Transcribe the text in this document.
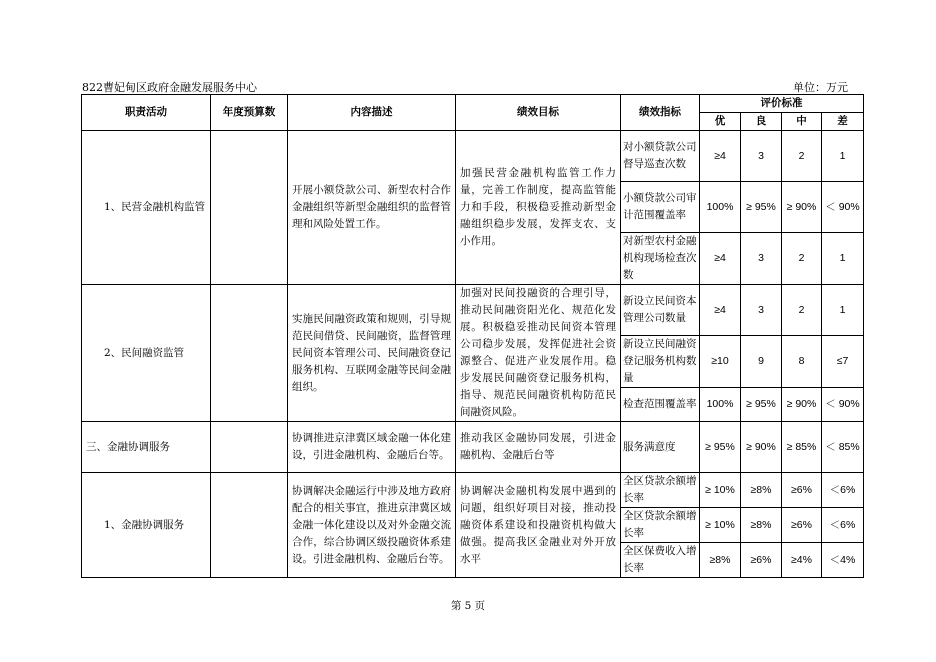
822曹妃甸区政府金融发展服务中心	单位：万元
职责活动	年度预算数	内容描述	绩效目标	绩效指标	评价标准			
					优	良	中	差
1、民营金融机构监管		开展小额贷款公司、新型农村合作金融组织等新型金融组织的监督管理和风险处置工作。	加强民营金融机构监管工作力量，完善工作制度，提高监管能力和手段，积极稳妥推动新型金融组织稳步发展，发挥支农、支小作用。	对小额贷款公司督导巡查次数	≥4	3	2	1
				小额贷款公司审计范围覆盖率	100%	≥ 95%	≥ 90%	＜ 90%
				对新型农村金融机构现场检查次数	≥4	3	2	1
2、民间融资监管		实施民间融资政策和规则，引导规范民间借贷、民间融资，监督管理民间资本管理公司、民间融资登记服务机构、互联网金融等民间金融组织。	加强对民间投融资的合理引导，推动民间融资阳光化、规范化发展。积极稳妥推动民间资本管理公司稳步发展，发挥促进社会资源整合、促进产业发展作用。稳步发展民间融资登记服务机构，指导、规范民间融资机构防范民间融资风险。	新设立民间资本管理公司数量	≥4	3	2	1
				新设立民间融资登记服务机构数量	≥10	9	8	≤7
				检查范围覆盖率	100%	≥ 95%	≥ 90%	＜ 90%
三、金融协调服务		协调推进京津冀区域金融一体化建设，引进金融机构、金融后台等。	推动我区金融协同发展，引进金融机构、金融后台等	服务满意度	≥ 95%	≥ 90%	≥ 85%	＜ 85%
1、金融协调服务		协调解决金融运行中涉及地方政府配合的相关事宜，推进京津冀区域金融一体化建设以及对外金融交流合作，综合协调区级投融资体系建设。引进金融机构、金融后台等。	协调解决金融机构发展中遇到的问题，组织好项目对接，推动投融资体系建设和投融资机构做大做强。提高我区金融业对外开放水平	全区贷款余额增长率	≥ 10%	≥8%	≥6%	＜6%
				全区贷款余额增长率	≥ 10%	≥8%	≥6%	＜6%
				全区保费收入增长率	≥8%	≥6%	≥4%	＜4%
第 5 页
